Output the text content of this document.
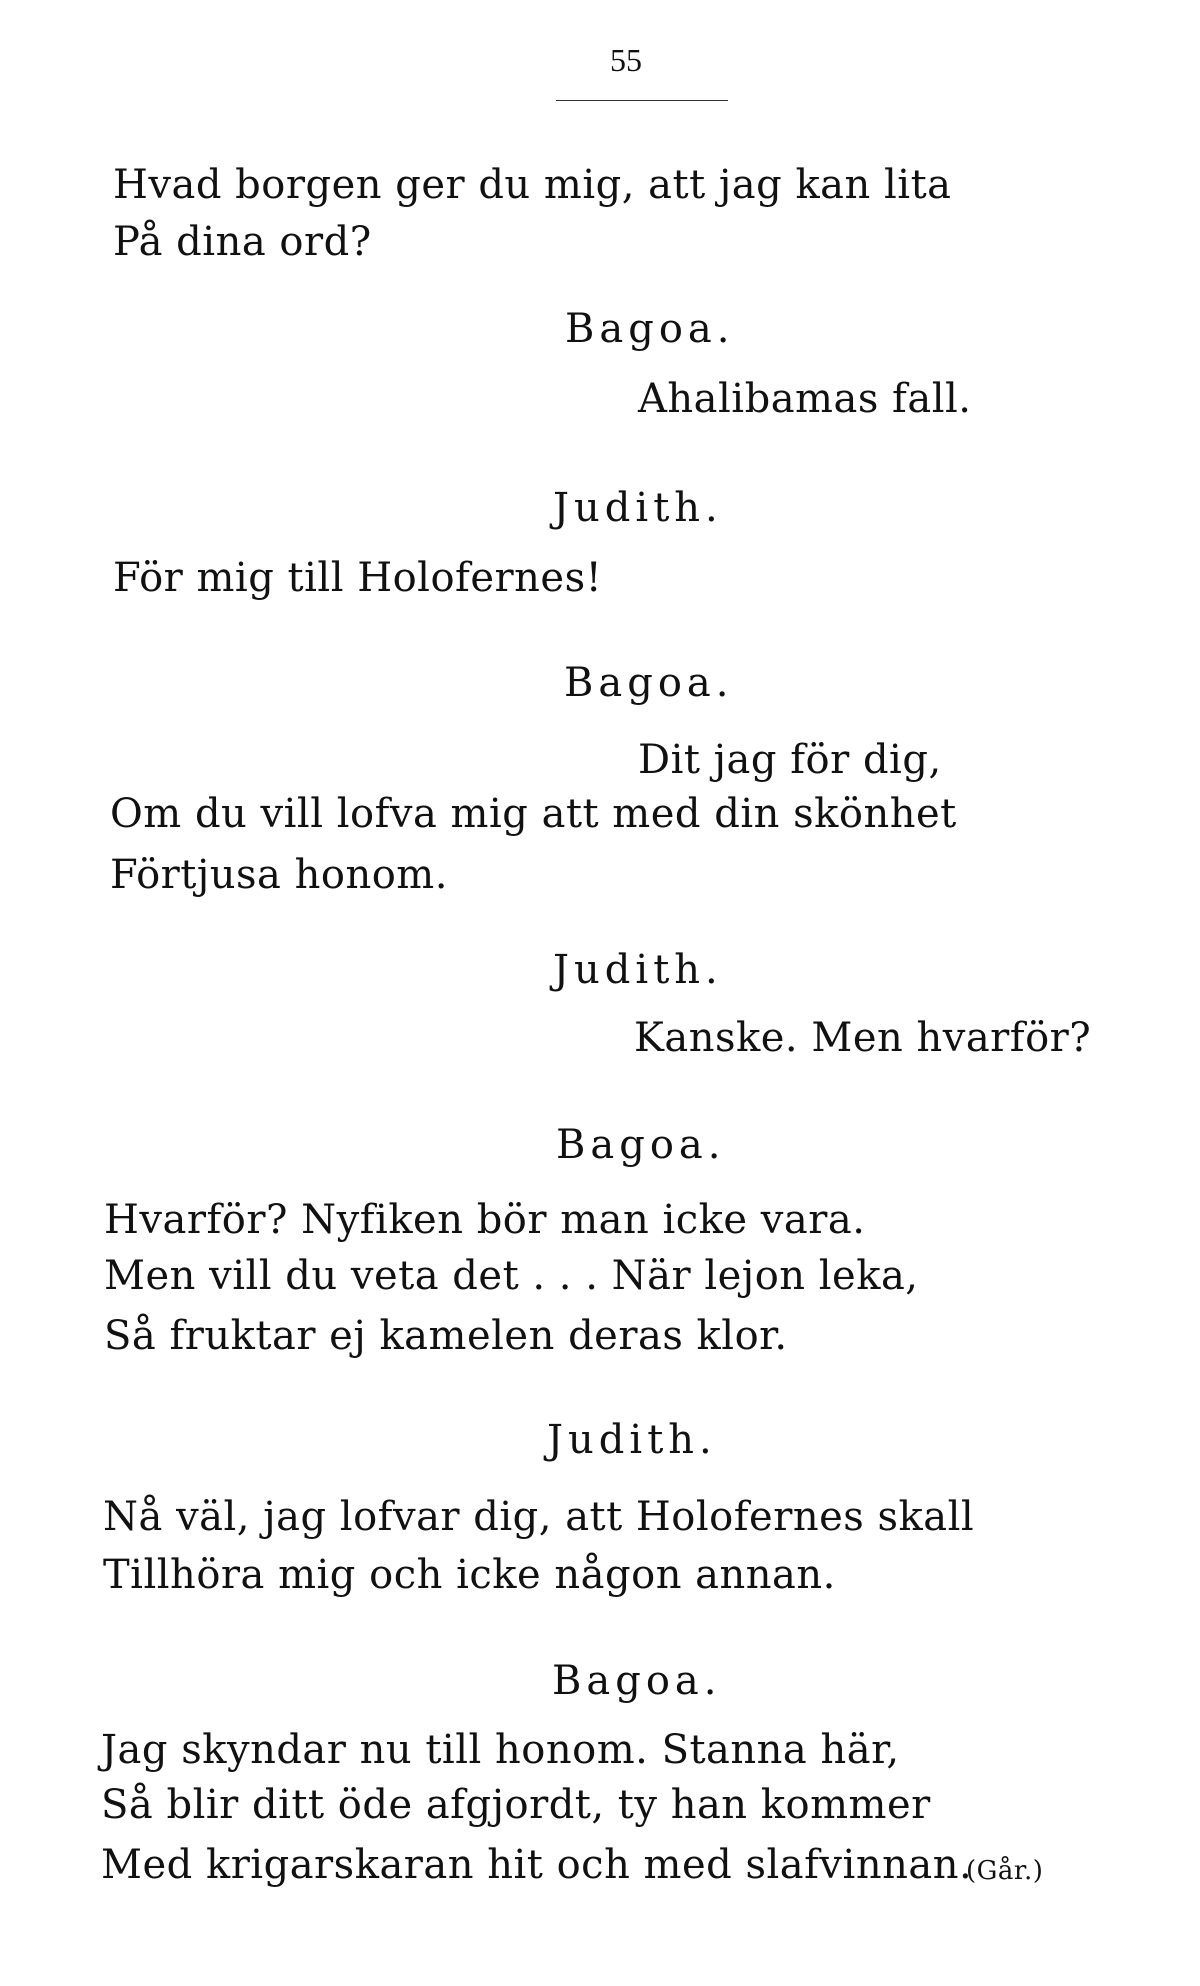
55
Hvad borgen ger du mig, att jag kan lita
På dina ord?
Bagoa.
Ahalibamas fall.
Judith.
För mig till Holofernes!
Bagoa.
Dit jag för dig,
Om du vill lofva mig att med din skönhet
Förtjusa honom.
Judith.
Kanske. Men hvarför?
Bagoa.
Hvarför? Nyfiken bör man icke vara.
Men vill du veta det . . . När lejon leka,
Så fruktar ej kamelen deras klor.
Judith.
Nå väl, jag lofvar dig, att Holofernes skall
Tillhöra mig och icke någon annan.
Bagoa.
Jag skyndar nu till honom. Stanna här,
Så blir ditt öde afgjordt, ty han kommer
Med krigarskaran hit och med slafvinnan.
(Går.)
